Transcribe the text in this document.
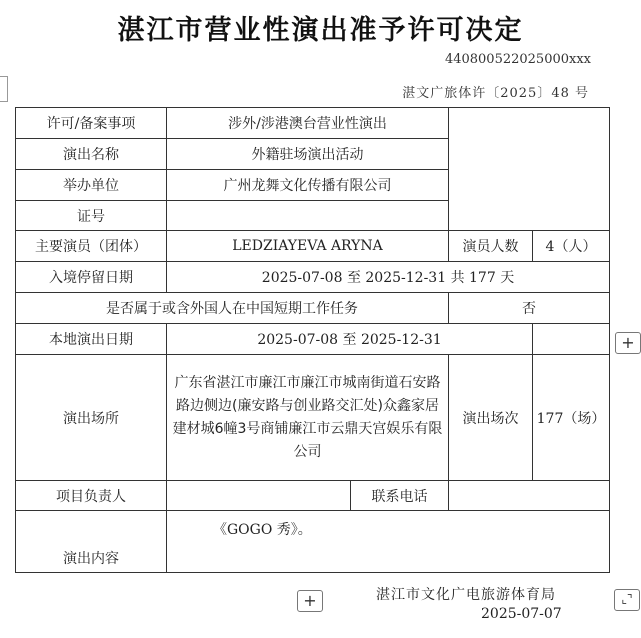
湛江市营业性演出准予许可决定
440800522025000xxx
湛文广旅体许〔2025〕48 号
许可/备案事项	涉外/涉港澳台营业性演出			
演出名称	外籍驻场演出活动			
举办单位	广州龙舞文化传播有限公司			
证号				
主要演员（团体）	LEDZIAYEVA ARYNA		演员人数	4（人）
入境停留日期	2025-07-08 至 2025-12-31 共 177 天			
是否属于或含外国人在中国短期工作任务			否	
本地演出日期	2025-07-08 至 2025-12-31			
演出场所	广东省湛江市廉江市廉江市城南街道石安路路边侧边(廉安路与创业路交汇处)众鑫家居建材城6幢3号商铺廉江市云鼎天宫娱乐有限公司		演出场次	177（场）
项目负责人		联系电话		
演出内容	《GOGO 秀》。			
湛江市文化广电旅游体育局
2025-07-07
+
+	⌞⌝
